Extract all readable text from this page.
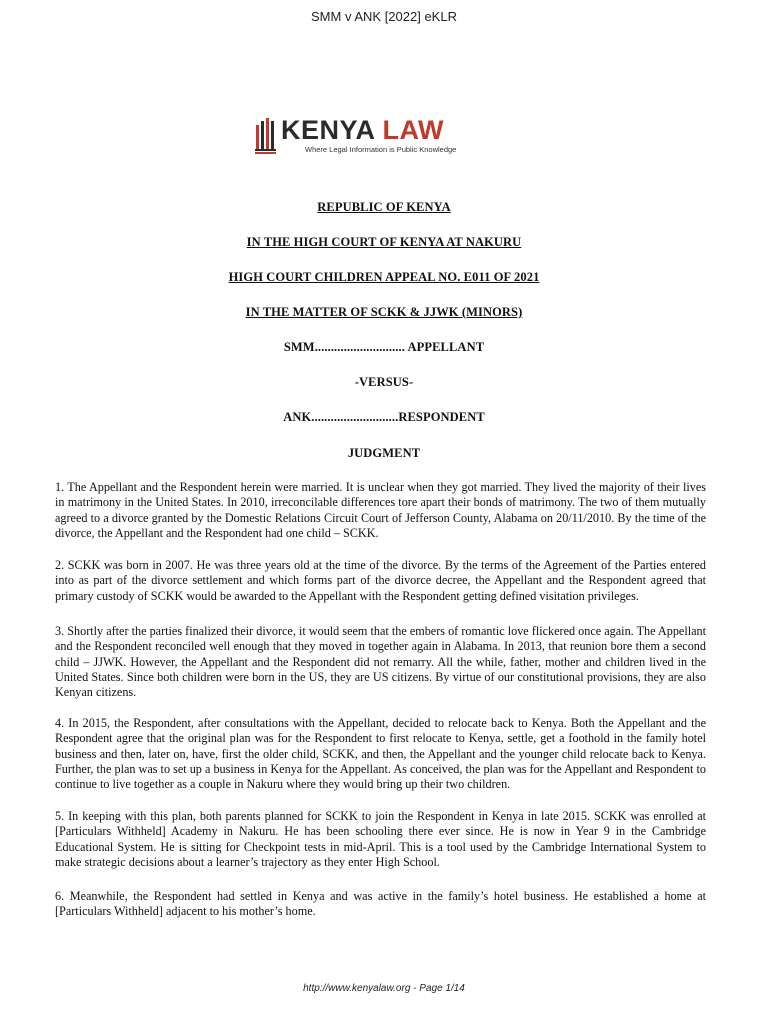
SMM v ANK [2022] eKLR
KENYA LAW
Where Legal Information is Public Knowledge
REPUBLIC OF KENYA
IN THE HIGH COURT OF KENYA AT NAKURU
HIGH COURT CHILDREN APPEAL NO. E011 OF 2021
IN THE MATTER OF SCKK & JJWK (MINORS)
SMM............................ APPELLANT
-VERSUS-
ANK...........................RESPONDENT
JUDGMENT

1. The Appellant and the Respondent herein were married. It is unclear when they got married. They lived the majority of their lives in matrimony in the United States. In 2010, irreconcilable differences tore apart their bonds of matrimony. The two of them mutually agreed to a divorce granted by the Domestic Relations Circuit Court of Jefferson County, Alabama on 20/11/2010. By the time of the divorce, the Appellant and the Respondent had one child – SCKK.

2. SCKK was born in 2007. He was three years old at the time of the divorce. By the terms of the Agreement of the Parties entered into as part of the divorce settlement and which forms part of the divorce decree, the Appellant and the Respondent agreed that primary custody of SCKK would be awarded to the Appellant with the Respondent getting defined visitation privileges.

3. Shortly after the parties finalized their divorce, it would seem that the embers of romantic love flickered once again. The Appellant and the Respondent reconciled well enough that they moved in together again in Alabama. In 2013, that reunion bore them a second child – JJWK. However, the Appellant and the Respondent did not remarry. All the while, father, mother and children lived in the United States. Since both children were born in the US, they are US citizens. By virtue of our constitutional provisions, they are also Kenyan citizens.

4. In 2015, the Respondent, after consultations with the Appellant, decided to relocate back to Kenya. Both the Appellant and the Respondent agree that the original plan was for the Respondent to first relocate to Kenya, settle, get a foothold in the family hotel business and then, later on, have, first the older child, SCKK, and then, the Appellant and the younger child relocate back to Kenya. Further, the plan was to set up a business in Kenya for the Appellant. As conceived, the plan was for the Appellant and Respondent to continue to live together as a couple in Nakuru where they would bring up their two children.

5. In keeping with this plan, both parents planned for SCKK to join the Respondent in Kenya in late 2015. SCKK was enrolled at [Particulars Withheld] Academy in Nakuru. He has been schooling there ever since. He is now in Year 9 in the Cambridge Educational System. He is sitting for Checkpoint tests in mid-April. This is a tool used by the Cambridge International System to make strategic decisions about a learner’s trajectory as they enter High School.

6. Meanwhile, the Respondent had settled in Kenya and was active in the family’s hotel business. He established a home at [Particulars Withheld] adjacent to his mother’s home.

http://www.kenyalaw.org - Page 1/14
